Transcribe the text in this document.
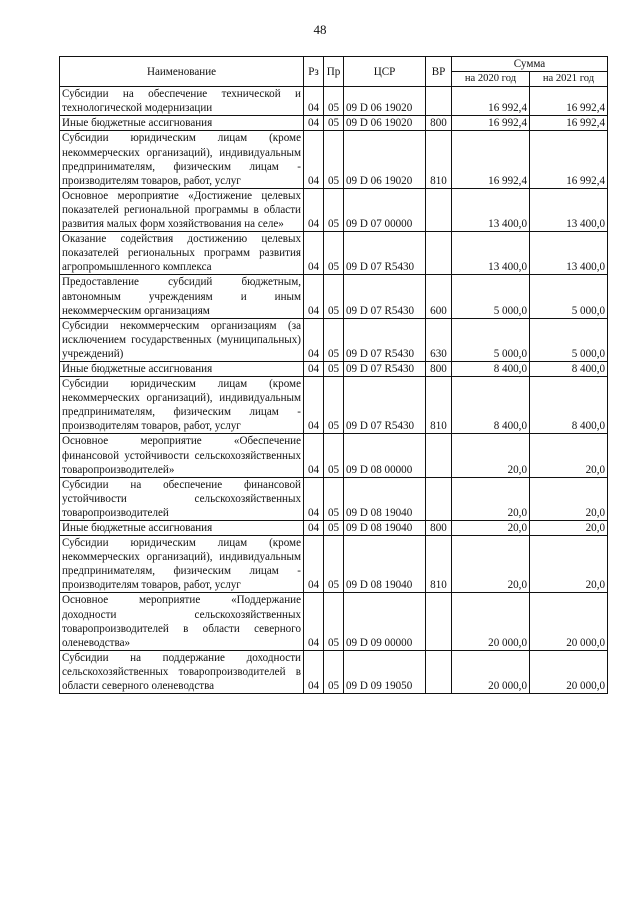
48
Наименование	Рз	Пр	ЦСР	ВР	Сумма	
					на 2020 год	на 2021 год
Субсидии на обеспечение технической и технологической модернизации	04	05	09 D 06 19020		16 992,4	16 992,4
Иные бюджетные ассигнования	04	05	09 D 06 19020	800	16 992,4	16 992,4
Субсидии юридическим лицам (кроме некоммерческих организаций), индивидуальным предпринимателям, физическим лицам - производителям товаров, работ, услуг	04	05	09 D 06 19020	810	16 992,4	16 992,4
Основное мероприятие «Достижение целевых показателей региональной программы в области развития малых форм хозяйствования на селе»	04	05	09 D 07 00000		13 400,0	13 400,0
Оказание содействия достижению целевых показателей региональных программ развития агропромышленного комплекса	04	05	09 D 07 R5430		13 400,0	13 400,0
Предоставление субсидий бюджетным, автономным учреждениям и иным некоммерческим организациям	04	05	09 D 07 R5430	600	5 000,0	5 000,0
Субсидии некоммерческим организациям (за исключением государственных (муниципальных) учреждений)	04	05	09 D 07 R5430	630	5 000,0	5 000,0
Иные бюджетные ассигнования	04	05	09 D 07 R5430	800	8 400,0	8 400,0
Субсидии юридическим лицам (кроме некоммерческих организаций), индивидуальным предпринимателям, физическим лицам - производителям товаров, работ, услуг	04	05	09 D 07 R5430	810	8 400,0	8 400,0
Основное мероприятие «Обеспечение финансовой устойчивости сельскохозяйственных товаропроизводителей»	04	05	09 D 08 00000		20,0	20,0
Субсидии на обеспечение финансовой устойчивости сельскохозяйственных товаропроизводителей	04	05	09 D 08 19040		20,0	20,0
Иные бюджетные ассигнования	04	05	09 D 08 19040	800	20,0	20,0
Субсидии юридическим лицам (кроме некоммерческих организаций), индивидуальным предпринимателям, физическим лицам - производителям товаров, работ, услуг	04	05	09 D 08 19040	810	20,0	20,0
Основное мероприятие «Поддержание доходности сельскохозяйственных товаропроизводителей в области северного оленеводства»	04	05	09 D 09 00000		20 000,0	20 000,0
Субсидии на поддержание доходности сельскохозяйственных товаропроизводителей в области северного оленеводства	04	05	09 D 09 19050		20 000,0	20 000,0
